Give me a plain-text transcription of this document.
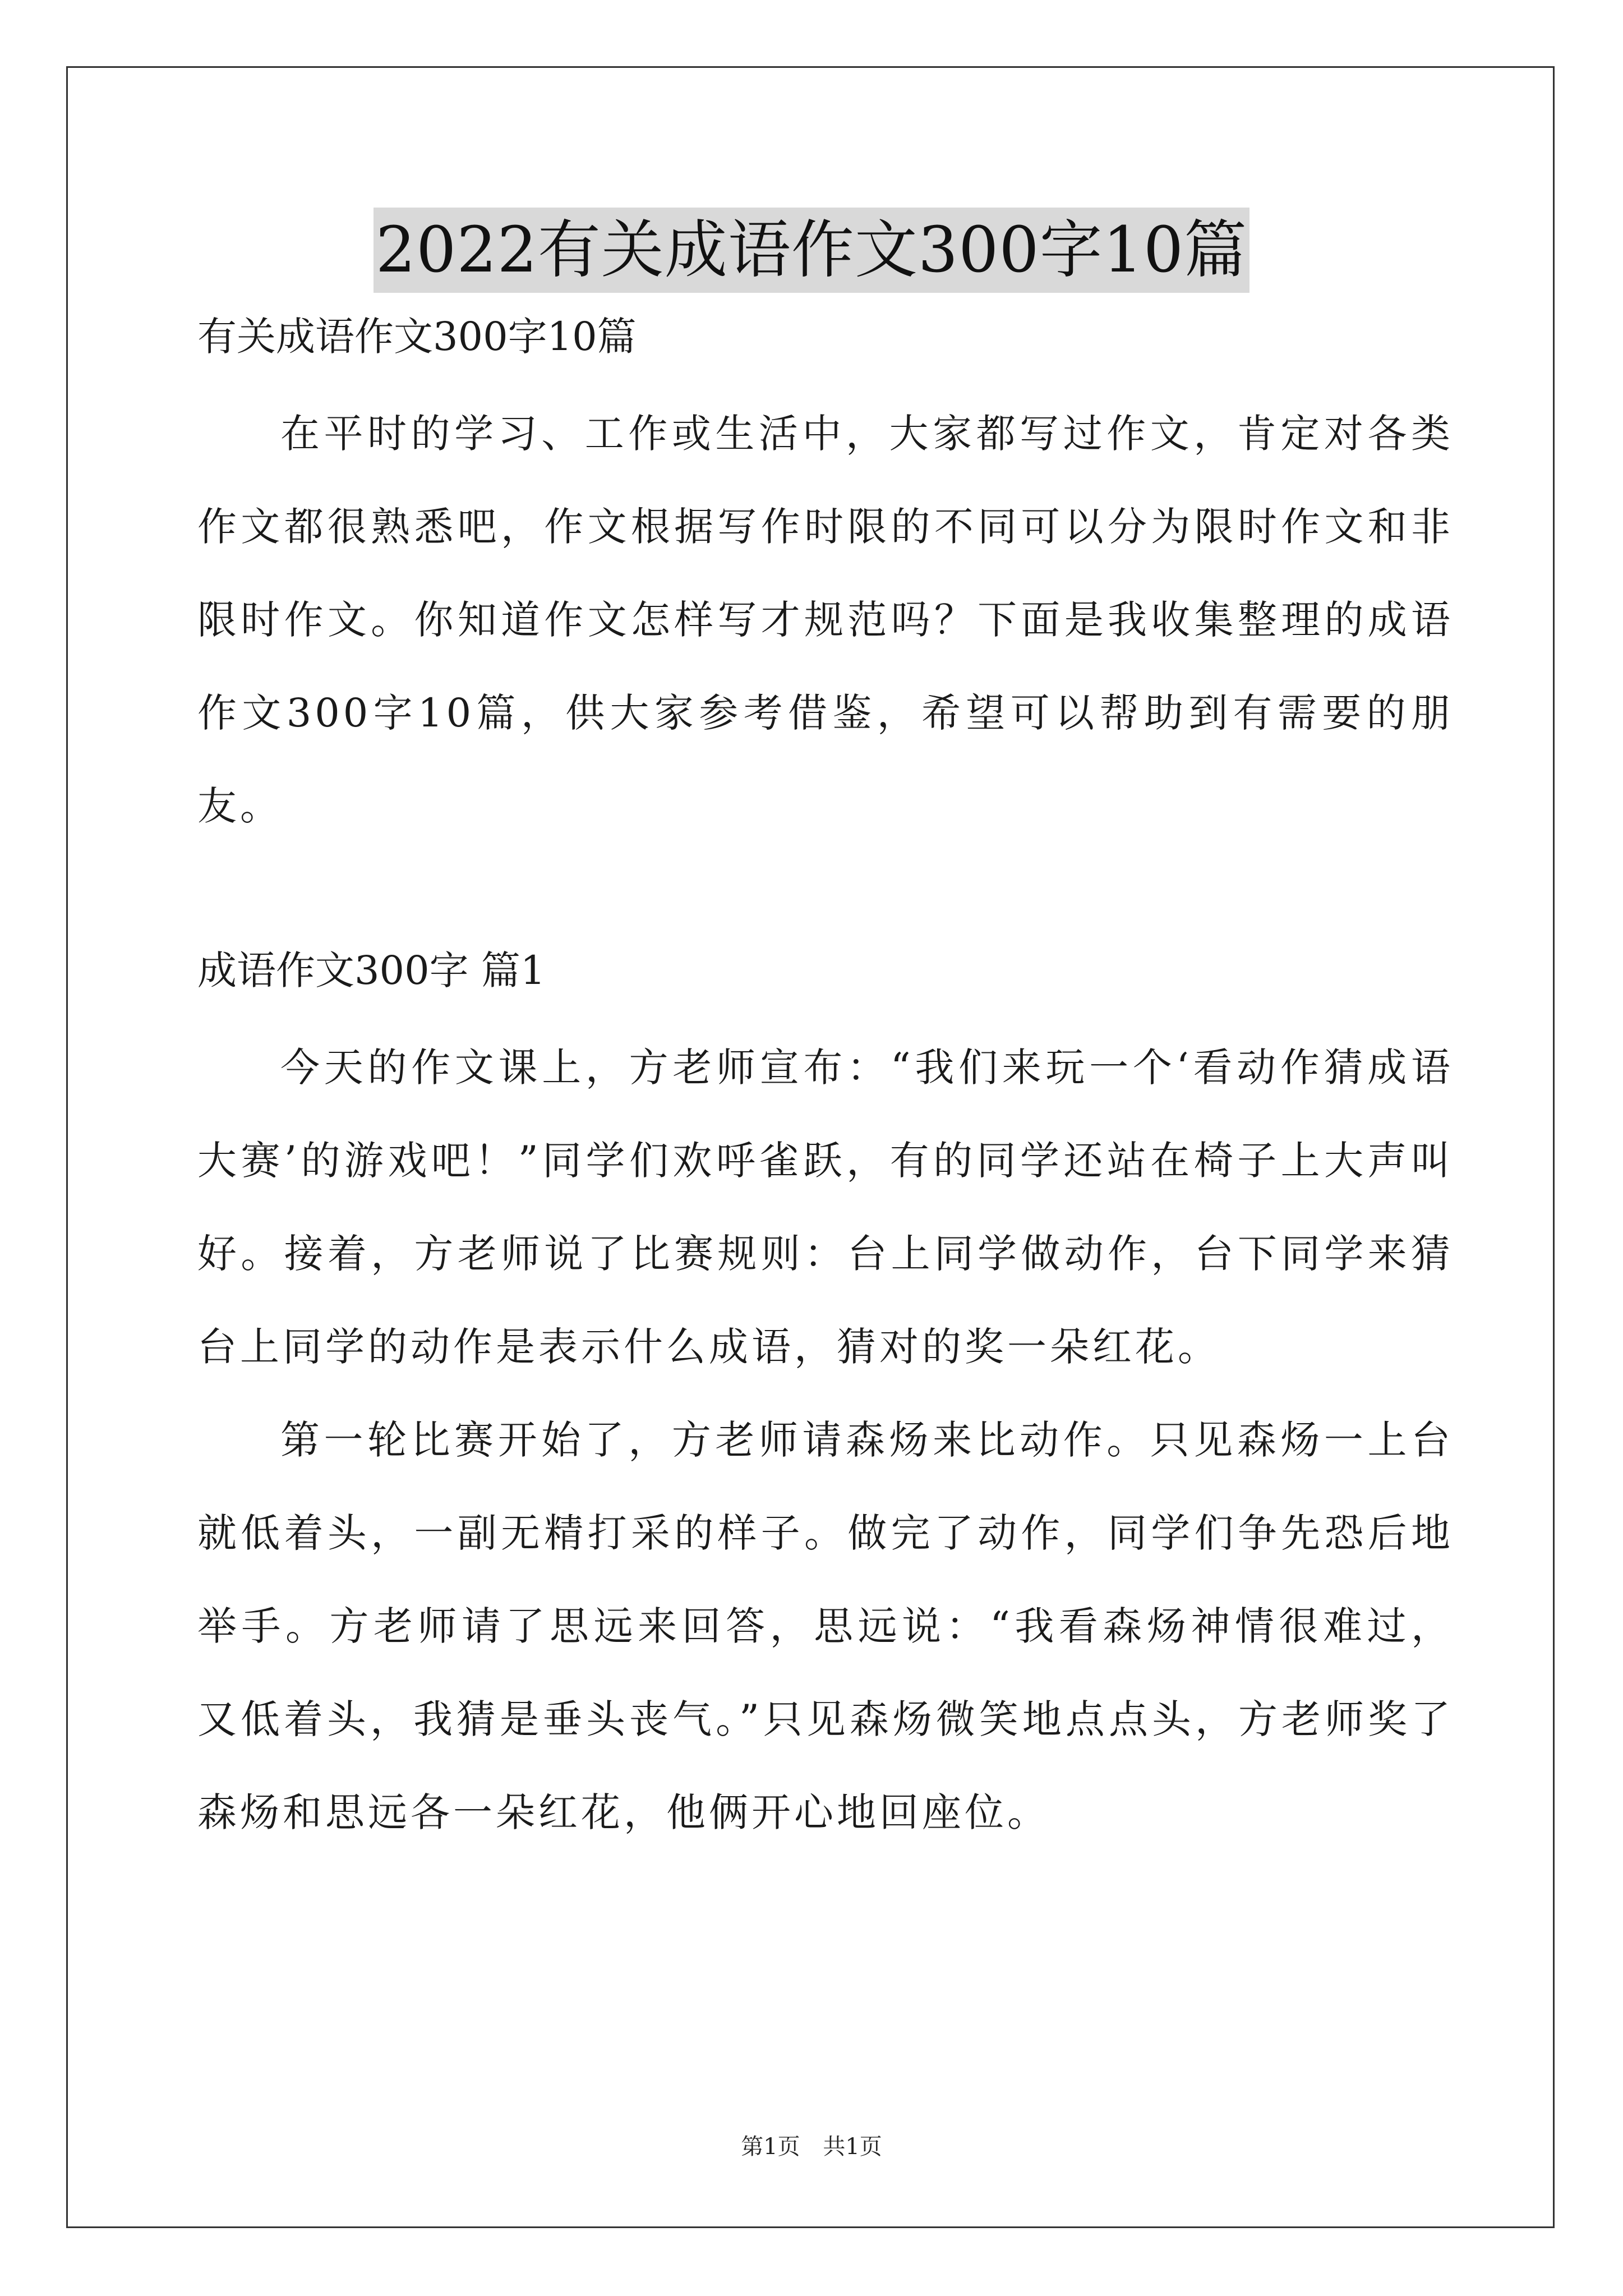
2022有关成语作文300字10篇

有关成语作文300字10篇

在平时的学习、工作或生活中，大家都写过作文，肯定对各类作文都很熟悉吧，作文根据写作时限的不同可以分为限时作文和非限时作文。你知道作文怎样写才规范吗？下面是我收集整理的成语作文300字10篇，供大家参考借鉴，希望可以帮助到有需要的朋友。

成语作文300字 篇1

今天的作文课上，方老师宣布：“我们来玩一个‘看动作猜成语大赛’的游戏吧！”同学们欢呼雀跃，有的同学还站在椅子上大声叫好。接着，方老师说了比赛规则：台上同学做动作，台下同学来猜台上同学的动作是表示什么成语，猜对的奖一朵红花。

第一轮比赛开始了，方老师请森炀来比动作。只见森炀一上台就低着头，一副无精打采的样子。做完了动作，同学们争先恐后地举手。方老师请了思远来回答，思远说：“我看森炀神情很难过，又低着头，我猜是垂头丧气。”只见森炀微笑地点点头，方老师奖了森炀和思远各一朵红花，他俩开心地回座位。

第1页 共1页
